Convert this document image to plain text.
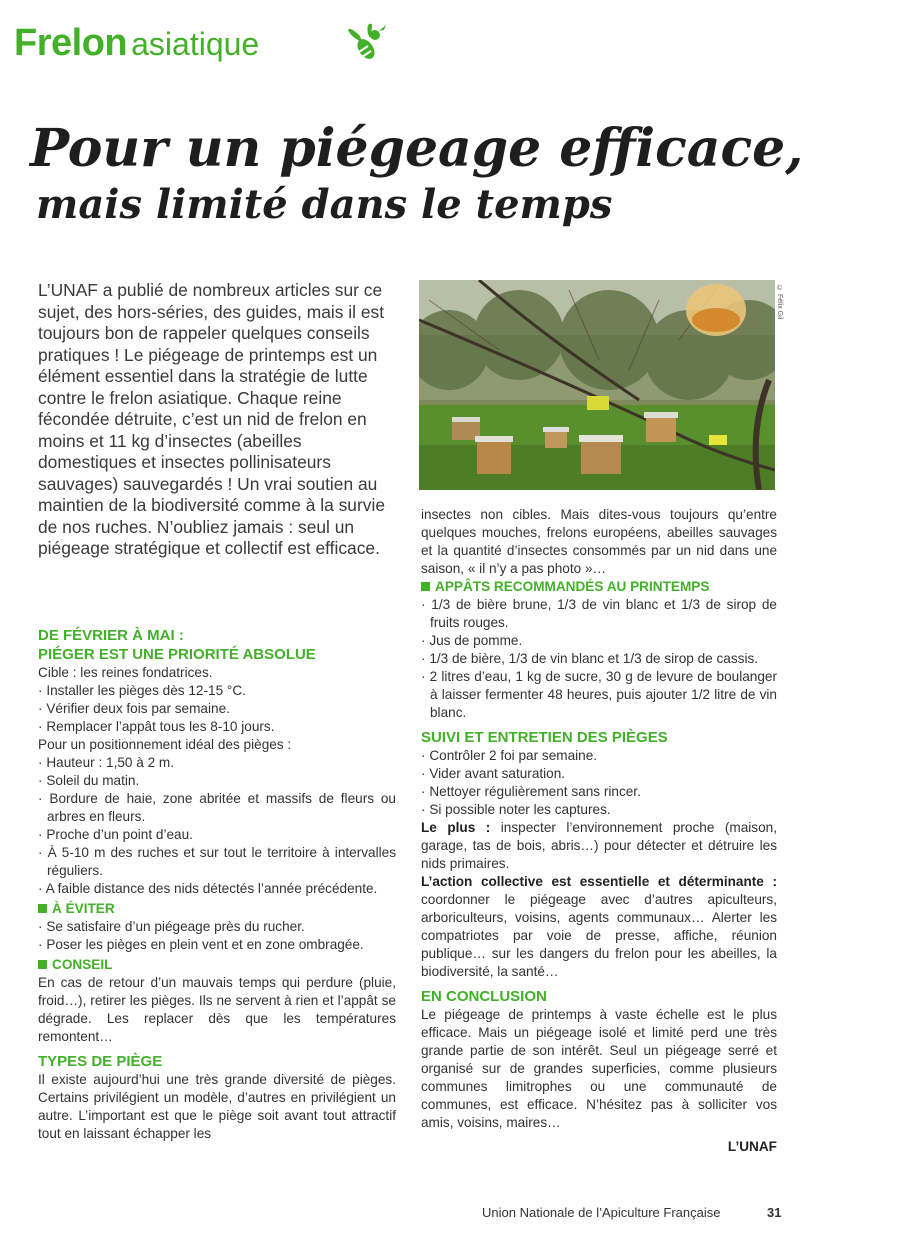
Frelon asiatique
Pour un piégeage efficace,
mais limité dans le temps

L’UNAF a publié de nombreux articles sur ce sujet, des hors-séries, des guides, mais il est toujours bon de rappeler quelques conseils pratiques ! Le piégeage de printemps est un élément essentiel dans la stratégie de lutte contre le frelon asiatique. Chaque reine fécondée détruite, c’est un nid de frelon en moins et 11 kg d’insectes (abeilles domestiques et insectes pollinisateurs sauvages) sauvegardés ! Un vrai soutien au maintien de la biodiversité comme à la survie de nos ruches. N’oubliez jamais : seul un piégeage stratégique et collectif est efficace.

© Félix Gil
DE FÉVRIER À MAI :
PIÉGER EST UNE PRIORITÉ ABSOLUE

Cible : les reines fondatrices.

· Installer les pièges dès 12-15 °C.
· Vérifier deux fois par semaine.
· Remplacer l’appât tous les 8-10 jours.

Pour un positionnement idéal des pièges :

· Hauteur : 1,50 à 2 m.
· Soleil du matin.
· Bordure de haie, zone abritée et massifs de fleurs ou arbres en fleurs.
· Proche d’un point d’eau.
· À 5-10 m des ruches et sur tout le territoire à intervalles réguliers.
· A faible distance des nids détectés l’année précédente.
À ÉVITER
· Se satisfaire d’un piégeage près du rucher.
· Poser les pièges en plein vent et en zone ombragée.
CONSEIL

En cas de retour d’un mauvais temps qui perdure (pluie, froid…), retirer les pièges. Ils ne servent à rien et l’appât se dégrade. Les replacer dès que les températures remontent…

TYPES DE PIÈGE

Il existe aujourd’hui une très grande diversité de pièges. Certains privilégient un modèle, d’autres en privilégient un autre. L’important est que le piège soit avant tout attractif tout en laissant échapper les

insectes non cibles. Mais dites-vous toujours qu’entre quelques mouches, frelons européens, abeilles sauvages et la quantité d’insectes consommés par un nid dans une saison, « il n’y a pas photo »…

APPÂTS RECOMMANDÉS AU PRINTEMPS
· 1/3 de bière brune, 1/3 de vin blanc et 1/3 de sirop de fruits rouges.
· Jus de pomme.
· 1/3 de bière, 1/3 de vin blanc et 1/3 de sirop de cassis.
· 2 litres d’eau, 1 kg de sucre, 30 g de levure de boulanger à laisser fermenter 48 heures, puis ajouter 1/2 litre de vin blanc.
SUIVI ET ENTRETIEN DES PIÈGES
· Contrôler 2 foi par semaine.
· Vider avant saturation.
· Nettoyer régulièrement sans rincer.
· Si possible noter les captures.

Le plus : inspecter l’environnement proche (maison, garage, tas de bois, abris…) pour détecter et détruire les nids primaires.

L’action collective est essentielle et déterminante : coordonner le piégeage avec d’autres apiculteurs, arboriculteurs, voisins, agents communaux… Alerter les compatriotes par voie de presse, affiche, réunion publique… sur les dangers du frelon pour les abeilles, la biodiversité, la santé…

EN CONCLUSION

Le piégeage de printemps à vaste échelle est le plus efficace. Mais un piégeage isolé et limité perd une très grande partie de son intérêt. Seul un piégeage serré et organisé sur de grandes superficies, comme plusieurs communes limitrophes ou une communauté de communes, est efficace. N’hésitez pas à solliciter vos amis, voisins, maires…

L’UNAF
Union Nationale de l’Apiculture Française	31
